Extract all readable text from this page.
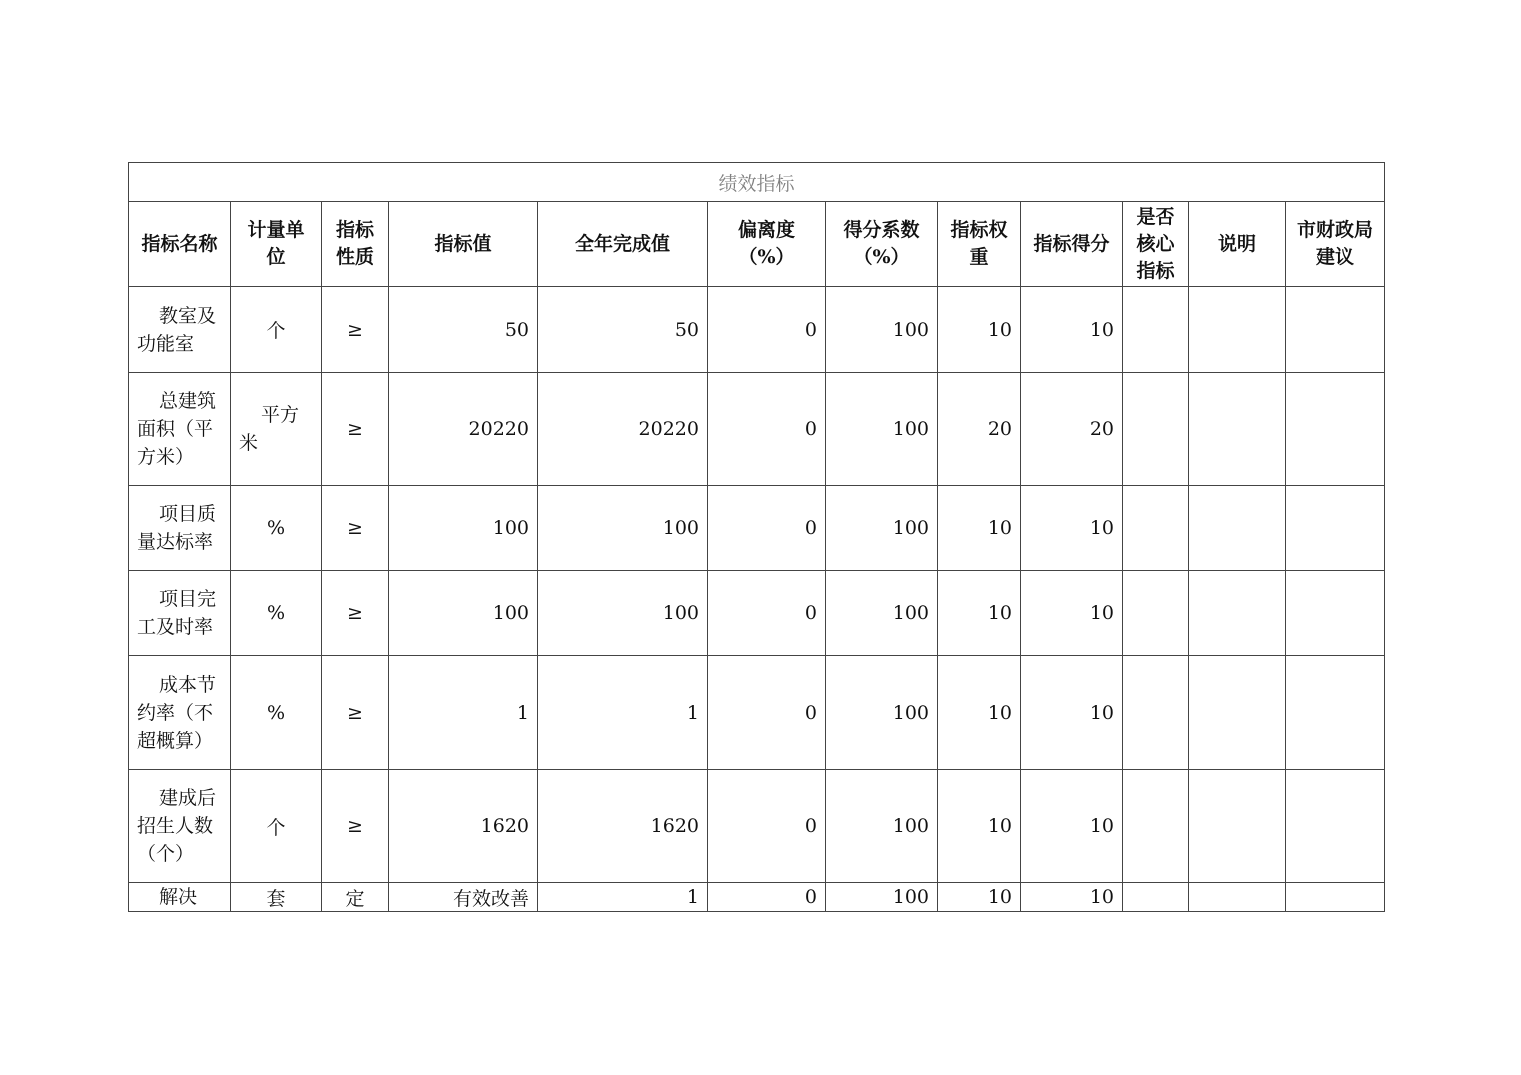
绩效指标											
指标名称	计量单位	指标性质	指标值	全年完成值	偏离度（%）	得分系数（%）	指标权重	指标得分	是否核心指标	说明	市财政局建议
教室及功能室	个	≥	50	50	0	100	10	10			
总建筑面积（平方米）	平方米	≥	20220	20220	0	100	20	20			
项目质量达标率	%	≥	100	100	0	100	10	10			
项目完工及时率	%	≥	100	100	0	100	10	10			
成本节约率（不超概算）	%	≥	1	1	0	100	10	10			
建成后招生人数（个）	个	≥	1620	1620	0	100	10	10			
解决	套	定	有效改善	1	0	100	10	10			
